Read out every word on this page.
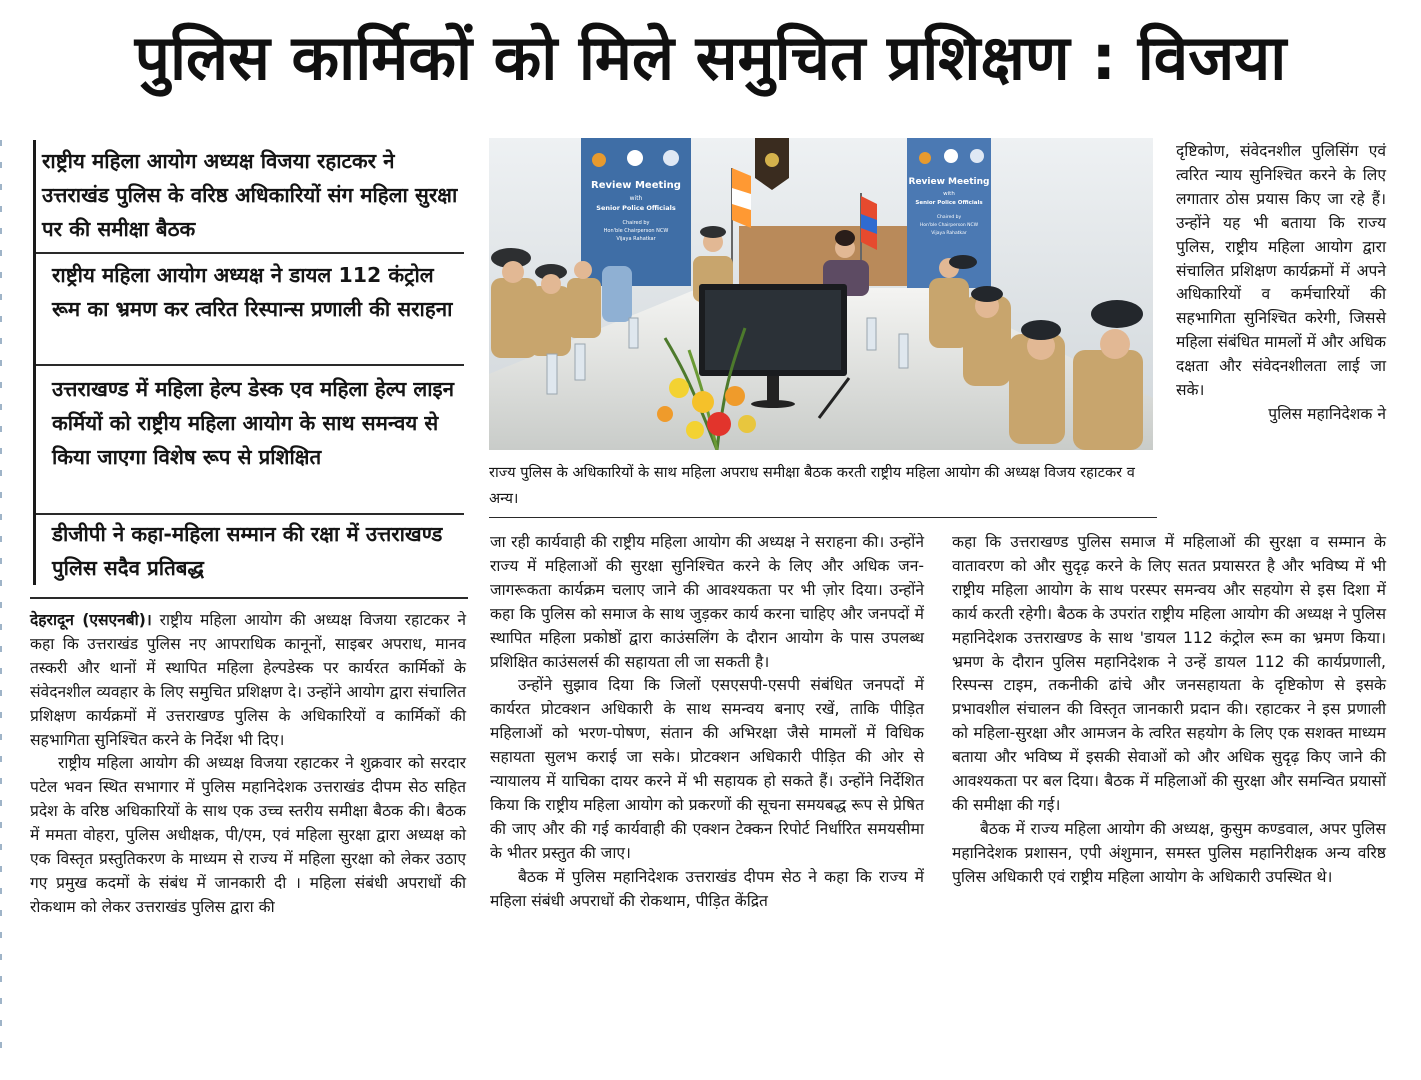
पुलिस कार्मिकों को मिले समुचित प्रशिक्षण : विजया
राष्ट्रीय महिला आयोग अध्यक्ष विजया रहाटकर ने उत्तराखंड पुलिस के वरिष्ठ अधिकारियों संग महिला सुरक्षा पर की समीक्षा बैठक
राष्ट्रीय महिला आयोग अध्यक्ष ने डायल 112 कंट्रोल रूम का भ्रमण कर त्वरित रिस्पान्स प्रणाली की सराहना
उत्तराखण्ड में महिला हेल्प डेस्क एव महिला हेल्प लाइन कर्मियों को राष्ट्रीय महिला आयोग के साथ समन्वय से किया जाएगा विशेष रूप से प्रशिक्षित
डीजीपी ने कहा-महिला सम्मान की रक्षा में उत्तराखण्ड पुलिस सदैव प्रतिबद्ध
Review Meeting
with
Senior Police Officials
Chaired by
Hon'ble Chairperson NCW
Vijaya Rahatkar
Review Meeting
with
Senior Police Officials
Chaired by
Hon'ble Chairperson NCW
Vijaya Rahatkar
राज्य पुलिस के अधिकारियों के साथ महिला अपराध समीक्षा बैठक करती राष्ट्रीय महिला आयोग की अध्यक्ष विजय रहाटकर व अन्य।

दृष्टिकोण, संवेदनशील पुलिसिंग एवं त्वरित न्याय सुनिश्चित करने के लिए लगातार ठोस प्रयास किए जा रहे हैं। उन्होंने यह भी बताया कि राज्य पुलिस, राष्ट्रीय महिला आयोग द्वारा संचालित प्रशिक्षण कार्यक्रमों में अपने अधिकारियों व कर्मचारियों की सहभागिता सुनिश्चित करेगी, जिससे महिला संबंधित मामलों में और अधिक दक्षता और संवेदनशीलता लाई जा सके।

पुलिस महानिदेशक ने

देहरादून (एसएनबी)। राष्ट्रीय महिला आयोग की अध्यक्ष विजया रहाटकर ने कहा कि उत्तराखंड पुलिस नए आपराधिक कानूनों, साइबर अपराध, मानव तस्करी और थानों में स्थापित महिला हेल्पडेस्क पर कार्यरत कार्मिकों के संवेदनशील व्यवहार के लिए समुचित प्रशिक्षण दे। उन्होंने आयोग द्वारा संचालित प्रशिक्षण कार्यक्रमों में उत्तराखण्ड पुलिस के अधिकारियों व कार्मिकों की सहभागिता सुनिश्चित करने के निर्देश भी दिए।

राष्ट्रीय महिला आयोग की अध्यक्ष विजया रहाटकर ने शुक्रवार को सरदार पटेल भवन स्थित सभागार में पुलिस महानिदेशक उत्तराखंड दीपम सेठ सहित प्रदेश के वरिष्ठ अधिकारियों के साथ एक उच्च स्तरीय समीक्षा बैठक की। बैठक में ममता वोहरा, पुलिस अधीक्षक, पी/एम, एवं महिला सुरक्षा द्वारा अध्यक्ष को एक विस्तृत प्रस्तुतिकरण के माध्यम से राज्य में महिला सुरक्षा को लेकर उठाए गए प्रमुख कदमों के संबंध में जानकारी दी । महिला संबंधी अपराधों की रोकथाम को लेकर उत्तराखंड पुलिस द्वारा की

जा रही कार्यवाही की राष्ट्रीय महिला आयोग की अध्यक्ष ने सराहना की। उन्होंने राज्य में महिलाओं की सुरक्षा सुनिश्चित करने के लिए और अधिक जन-जागरूकता कार्यक्रम चलाए जाने की आवश्यकता पर भी ज़ोर दिया। उन्होंने कहा कि पुलिस को समाज के साथ जुड़कर कार्य करना चाहिए और जनपदों में स्थापित महिला प्रकोष्ठों द्वारा काउंसलिंग के दौरान आयोग के पास उपलब्ध प्रशिक्षित काउंसलर्स की सहायता ली जा सकती है।

उन्होंने सुझाव दिया कि जिलों एसएसपी-एसपी संबंधित जनपदों में कार्यरत प्रोटक्शन अधिकारी के साथ समन्वय बनाए रखें, ताकि पीड़ित महिलाओं को भरण-पोषण, संतान की अभिरक्षा जैसे मामलों में विधिक सहायता सुलभ कराई जा सके। प्रोटक्शन अधिकारी पीड़ित की ओर से न्यायालय में याचिका दायर करने में भी सहायक हो सकते हैं। उन्होंने निर्देशित किया कि राष्ट्रीय महिला आयोग को प्रकरणों की सूचना समयबद्ध रूप से प्रेषित की जाए और की गई कार्यवाही की एक्शन टेक्कन रिपोर्ट निर्धारित समयसीमा के भीतर प्रस्तुत की जाए।

बैठक में पुलिस महानिदेशक उत्तराखंड दीपम सेठ ने कहा कि राज्य में महिला संबंधी अपराधों की रोकथाम, पीड़ित केंद्रित

कहा कि उत्तराखण्ड पुलिस समाज में महिलाओं की सुरक्षा व सम्मान के वातावरण को और सुदृढ़ करने के लिए सतत प्रयासरत है और भविष्य में भी राष्ट्रीय महिला आयोग के साथ परस्पर समन्वय और सहयोग से इस दिशा में कार्य करती रहेगी। बैठक के उपरांत राष्ट्रीय महिला आयोग की अध्यक्ष ने पुलिस महानिदेशक उत्तराखण्ड के साथ 'डायल 112 कंट्रोल रूम का भ्रमण किया। भ्रमण के दौरान पुलिस महानिदेशक ने उन्हें डायल 112 की कार्यप्रणाली, रिस्पन्स टाइम, तकनीकी ढांचे और जनसहायता के दृष्टिकोण से इसके प्रभावशील संचालन की विस्तृत जानकारी प्रदान की। रहाटकर ने इस प्रणाली को महिला-सुरक्षा और आमजन के त्वरित सहयोग के लिए एक सशक्त माध्यम बताया और भविष्य में इसकी सेवाओं को और अधिक सुदृढ़ किए जाने की आवश्यकता पर बल दिया। बैठक में महिलाओं की सुरक्षा और समन्वित प्रयासों की समीक्षा की गई।

बैठक में राज्य महिला आयोग की अध्यक्ष, कुसुम कण्डवाल, अपर पुलिस महानिदेशक प्रशासन, एपी अंशुमान, समस्त पुलिस महानिरीक्षक अन्य वरिष्ठ पुलिस अधिकारी एवं राष्ट्रीय महिला आयोग के अधिकारी उपस्थित थे।
